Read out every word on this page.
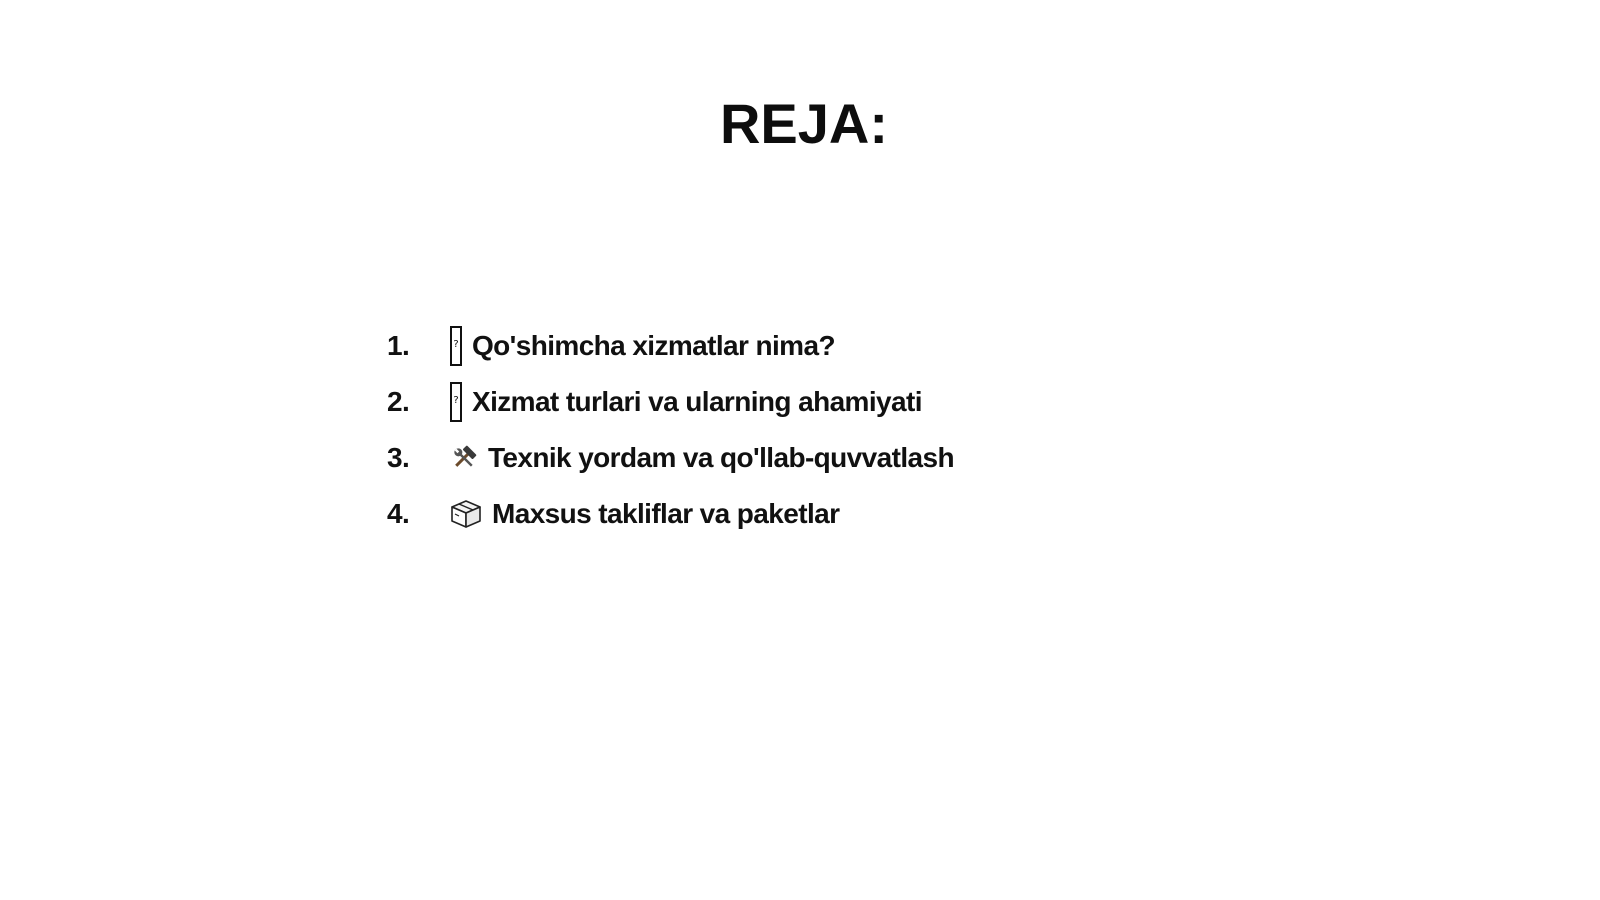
REJA:
1.	? Qo'shimcha xizmatlar nima?
2.	? Xizmat turlari va ularning ahamiyati
3.	Texnik yordam va qo'llab-quvvatlash
4.	Maxsus takliflar va paketlar
